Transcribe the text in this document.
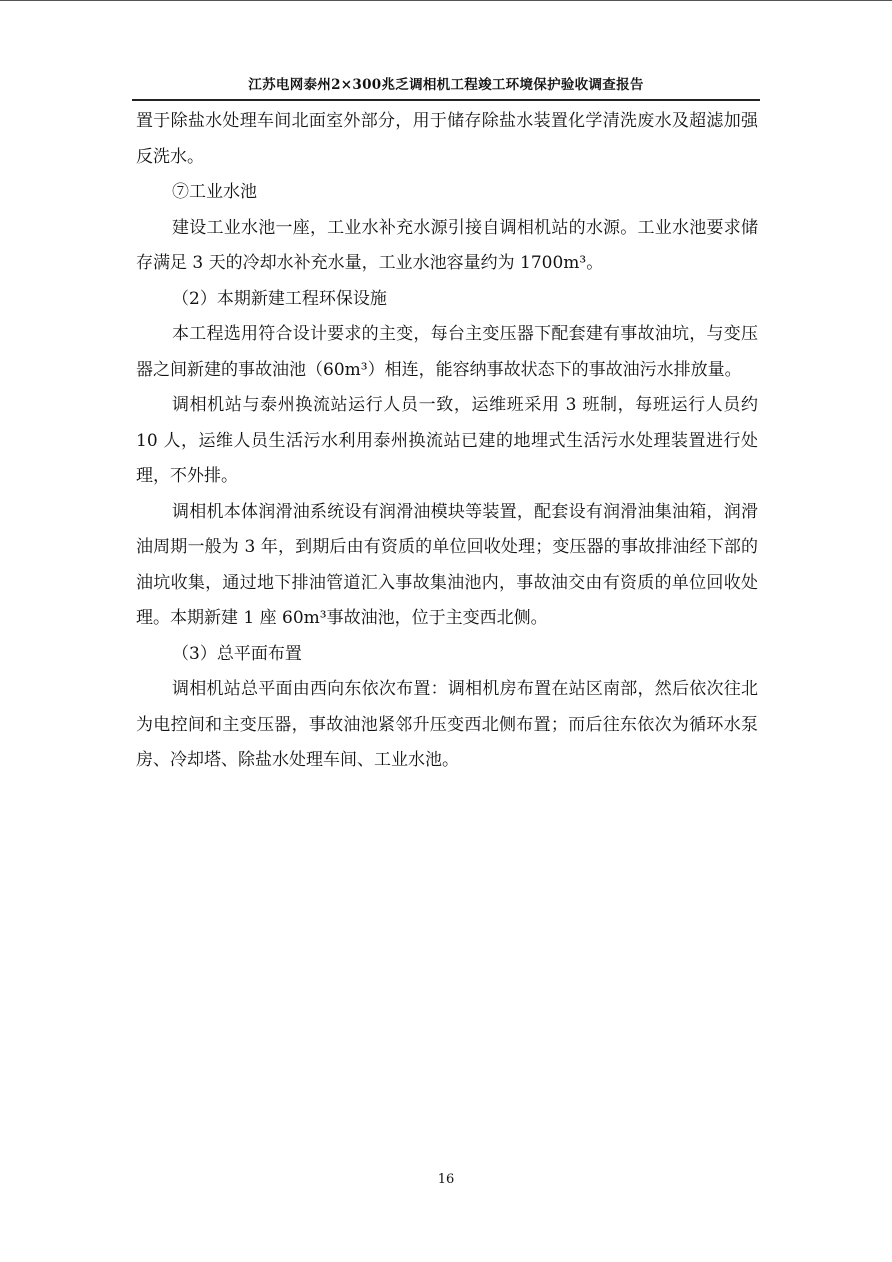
江苏电网泰州2×300兆乏调相机工程竣工环境保护验收调查报告

置于除盐水处理车间北面室外部分，用于储存除盐水装置化学清洗废水及超滤加强反洗水。

⑦工业水池

建设工业水池一座，工业水补充水源引接自调相机站的水源。工业水池要求储存满足 3 天的冷却水补充水量，工业水池容量约为 1700m³。

（2）本期新建工程环保设施

本工程选用符合设计要求的主变，每台主变压器下配套建有事故油坑，与变压器之间新建的事故油池（60m³）相连，能容纳事故状态下的事故油污水排放量。

调相机站与泰州换流站运行人员一致，运维班采用 3 班制，每班运行人员约 10 人，运维人员生活污水利用泰州换流站已建的地埋式生活污水处理装置进行处理，不外排。

调相机本体润滑油系统设有润滑油模块等装置，配套设有润滑油集油箱，润滑油周期一般为 3 年，到期后由有资质的单位回收处理；变压器的事故排油经下部的油坑收集，通过地下排油管道汇入事故集油池内，事故油交由有资质的单位回收处理。本期新建 1 座 60m³事故油池，位于主变西北侧。

（3）总平面布置

调相机站总平面由西向东依次布置：调相机房布置在站区南部，然后依次往北为电控间和主变压器，事故油池紧邻升压变西北侧布置；而后往东依次为循环水泵房、冷却塔、除盐水处理车间、工业水池。

16
